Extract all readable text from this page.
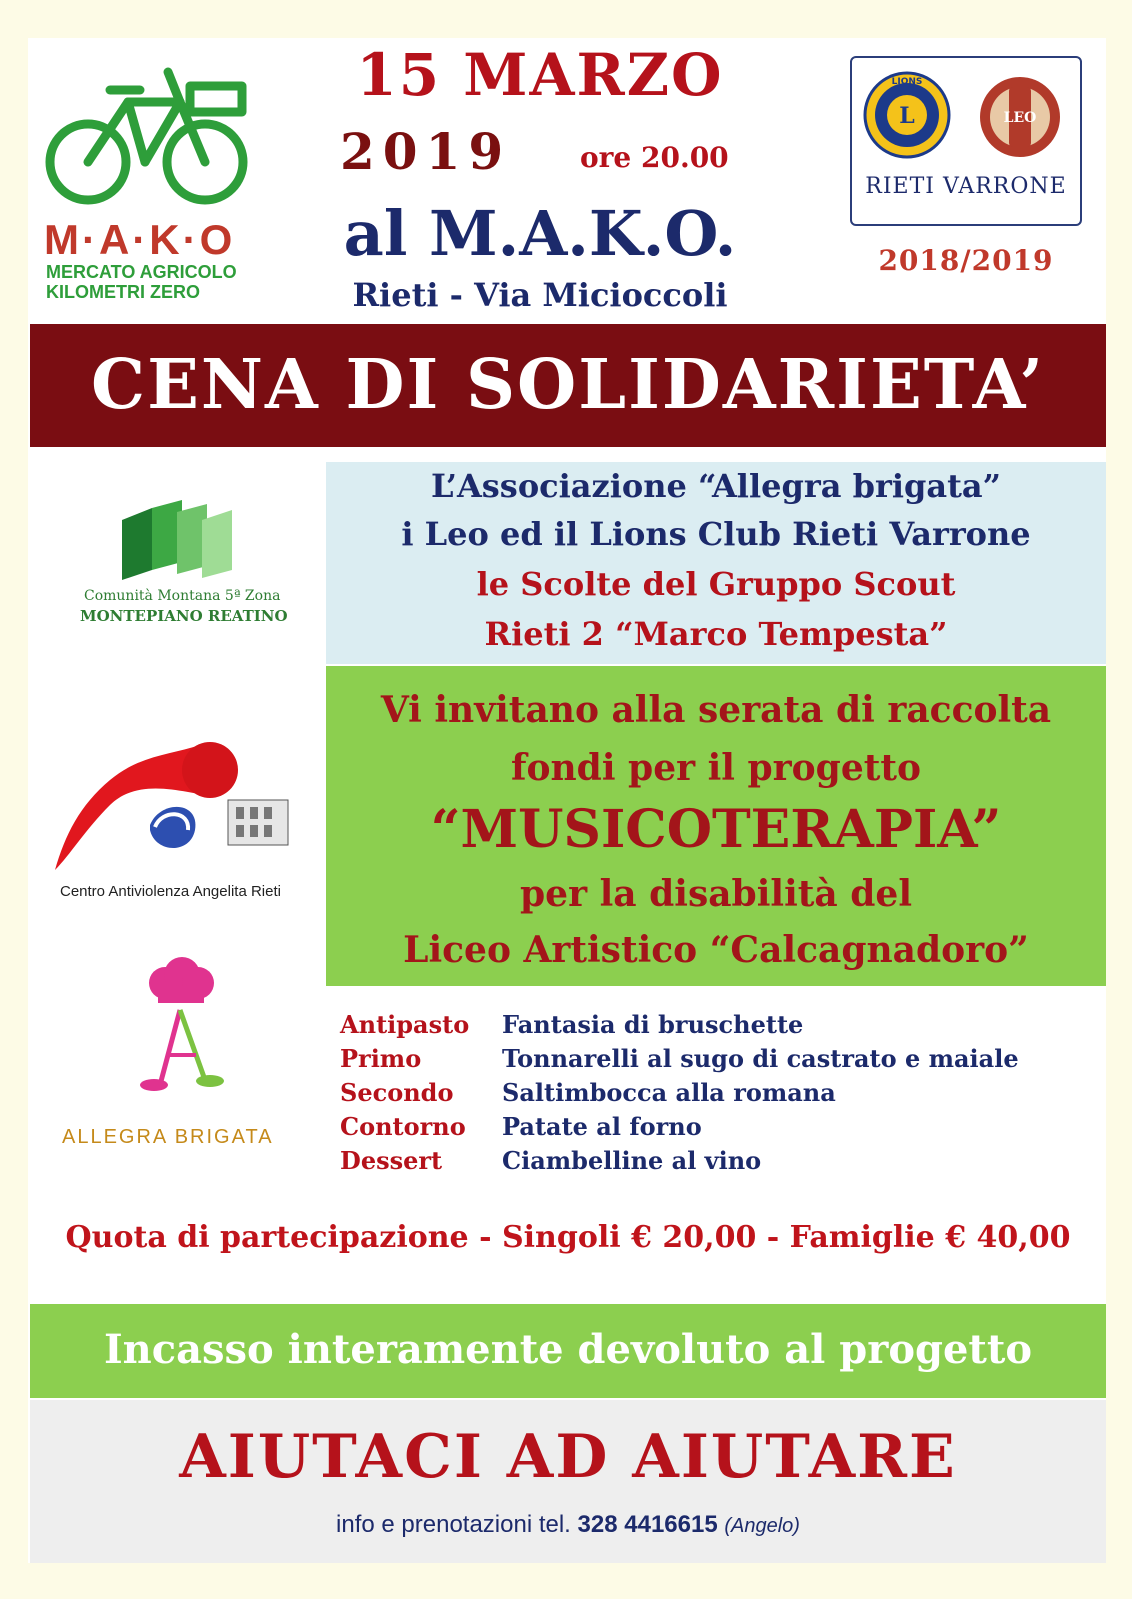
M·A·K·O
MERCATO AGRICOLO
KILOMETRI ZERO
15 MARZO
2019 ore 20.00
al M.A.K.O.
Rieti - Via Micioccoli
L
LIONS
LEO
RIETI VARRONE
2018/2019
CENA DI SOLIDARIETA’
L’Associazione “Allegra brigata”
i Leo ed il Lions Club Rieti Varrone
le Scolte del Gruppo Scout
Rieti 2 “Marco Tempesta”
Vi invitano alla serata di raccolta
fondi per il progetto
“MUSICOTERAPIA”
per la disabilità del
Liceo Artistico “Calcagnadoro”
Comunità Montana 5ª Zona
MONTEPIANO REATINO
Centro Antiviolenza Angelita Rieti
ALLEGRA BRIGATA
Antipasto Fantasia di bruschette
Primo	Tonnarelli al sugo di castrato e maiale
Secondo Saltimbocca alla romana
Contorno Patate al forno
Dessert Ciambelline al vino
Quota di partecipazione - Singoli € 20,00 - Famiglie € 40,00
Incasso interamente devoluto al progetto
AIUTACI AD AIUTARE
info e prenotazioni tel. 328 4416615 (Angelo)
